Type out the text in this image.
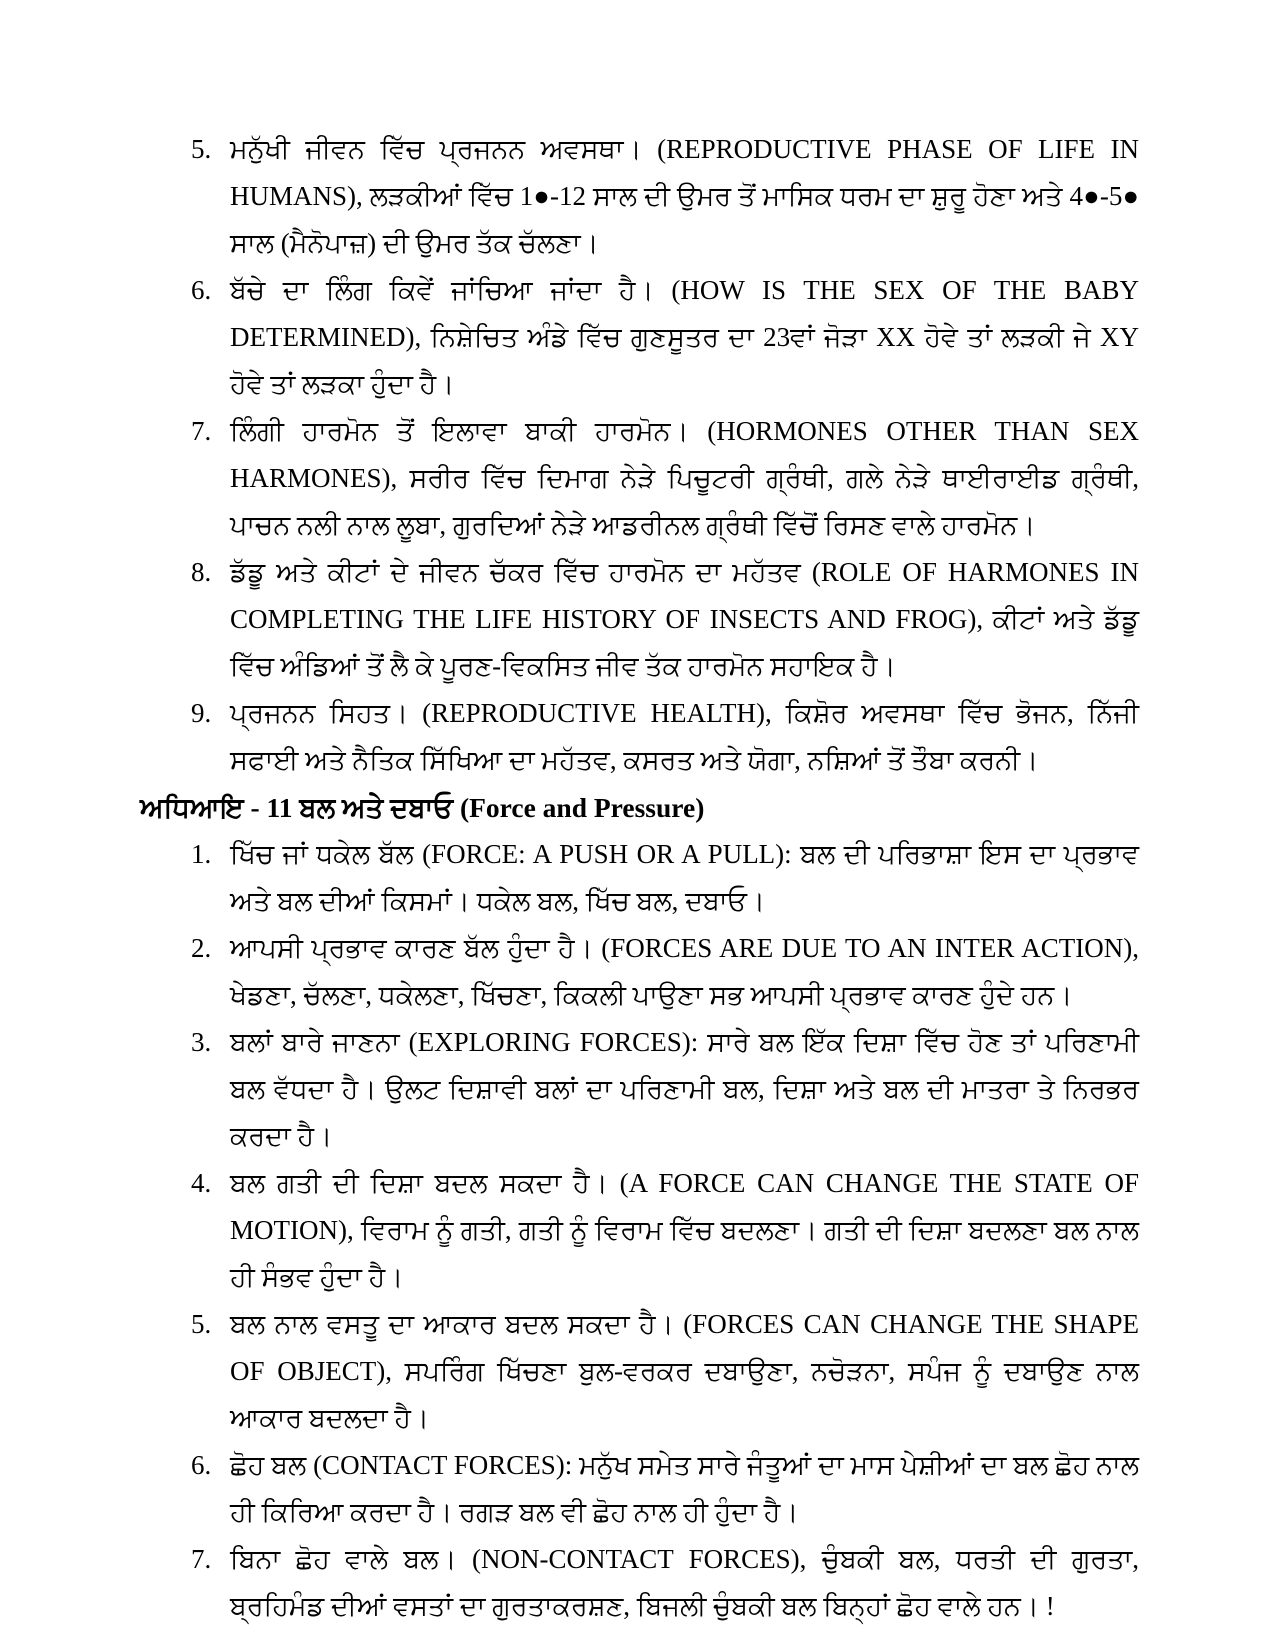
5. ਮਨੁੱਖੀ ਜੀਵਨ ਵਿੱਚ ਪ੍ਰਜਨਨ ਅਵਸਥਾ। (REPRODUCTIVE PHASE OF LIFE IN HUMANS), ਲੜਕੀਆਂ ਵਿੱਚ 1●-12 ਸਾਲ ਦੀ ਉਮਰ ਤੋਂ ਮਾਸਿਕ ਧਰਮ ਦਾ ਸ਼ੁਰੂ ਹੋਣਾ ਅਤੇ 4●-5● ਸਾਲ (ਮੈਨੋਪਾਜ਼) ਦੀ ਉਮਰ ਤੱਕ ਚੱਲਣਾ।
6. ਬੱਚੇ ਦਾ ਲਿੰਗ ਕਿਵੇਂ ਜਾਂਚਿਆ ਜਾਂਦਾ ਹੈ। (HOW IS THE SEX OF THE BABY DETERMINED), ਨਿਸ਼ੇਚਿਤ ਅੰਡੇ ਵਿੱਚ ਗੁਣਸੂਤਰ ਦਾ 23ਵਾਂ ਜੋੜਾ XX ਹੋਵੇ ਤਾਂ ਲੜਕੀ ਜੇ XY ਹੋਵੇ ਤਾਂ ਲੜਕਾ ਹੁੰਦਾ ਹੈ।
7. ਲਿੰਗੀ ਹਾਰਮੋਨ ਤੋਂ ਇਲਾਵਾ ਬਾਕੀ ਹਾਰਮੋਨ। (HORMONES OTHER THAN SEX HARMONES), ਸਰੀਰ ਵਿੱਚ ਦਿਮਾਗ ਨੇੜੇ ਪਿਚੂਟਰੀ ਗ੍ਰੰਥੀ, ਗਲੇ ਨੇੜੇ ਥਾਈਰਾਈਡ ਗ੍ਰੰਥੀ, ਪਾਚਨ ਨਲੀ ਨਾਲ ਲੂਬਾ, ਗੁਰਦਿਆਂ ਨੇੜੇ ਆਡਰੀਨਲ ਗ੍ਰੰਥੀ ਵਿੱਚੋਂ ਰਿਸਣ ਵਾਲੇ ਹਾਰਮੋਨ।
8. ਡੱਡੂ ਅਤੇ ਕੀਟਾਂ ਦੇ ਜੀਵਨ ਚੱਕਰ ਵਿੱਚ ਹਾਰਮੋਨ ਦਾ ਮਹੱਤਵ (ROLE OF HARMONES IN COMPLETING THE LIFE HISTORY OF INSECTS AND FROG), ਕੀਟਾਂ ਅਤੇ ਡੱਡੂ ਵਿੱਚ ਅੰਡਿਆਂ ਤੋਂ ਲੈ ਕੇ ਪੂਰਣ-ਵਿਕਸਿਤ ਜੀਵ ਤੱਕ ਹਾਰਮੋਨ ਸਹਾਇਕ ਹੈ।
9. ਪ੍ਰਜਨਨ ਸਿਹਤ। (REPRODUCTIVE HEALTH), ਕਿਸ਼ੋਰ ਅਵਸਥਾ ਵਿੱਚ ਭੋਜਨ, ਨਿੱਜੀ ਸਫਾਈ ਅਤੇ ਨੈਤਿਕ ਸਿੱਖਿਆ ਦਾ ਮਹੱਤਵ, ਕਸਰਤ ਅਤੇ ਯੋਗਾ, ਨਸ਼ਿਆਂ ਤੋਂ ਤੌਬਾ ਕਰਨੀ।
ਅਧਿਆਇ - 11 ਬਲ ਅਤੇ ਦਬਾਓ (Force and Pressure)
1. ਖਿੱਚ ਜਾਂ ਧਕੇਲ ਬੱਲ (FORCE: A PUSH OR A PULL): ਬਲ ਦੀ ਪਰਿਭਾਸ਼ਾ ਇਸ ਦਾ ਪ੍ਰਭਾਵ ਅਤੇ ਬਲ ਦੀਆਂ ਕਿਸਮਾਂ। ਧਕੇਲ ਬਲ, ਖਿੱਚ ਬਲ, ਦਬਾਓ।
2. ਆਪਸੀ ਪ੍ਰਭਾਵ ਕਾਰਣ ਬੱਲ ਹੁੰਦਾ ਹੈ। (FORCES ARE DUE TO AN INTER ACTION), ਖੇਡਣਾ, ਚੱਲਣਾ, ਧਕੇਲਣਾ, ਖਿੱਚਣਾ, ਕਿਕਲੀ ਪਾਉਣਾ ਸਭ ਆਪਸੀ ਪ੍ਰਭਾਵ ਕਾਰਣ ਹੁੰਦੇ ਹਨ।
3. ਬਲਾਂ ਬਾਰੇ ਜਾਣਨਾ (EXPLORING FORCES): ਸਾਰੇ ਬਲ ਇੱਕ ਦਿਸ਼ਾ ਵਿੱਚ ਹੋਣ ਤਾਂ ਪਰਿਣਾਮੀ ਬਲ ਵੱਧਦਾ ਹੈ। ਉਲਟ ਦਿਸ਼ਾਵੀ ਬਲਾਂ ਦਾ ਪਰਿਣਾਮੀ ਬਲ, ਦਿਸ਼ਾ ਅਤੇ ਬਲ ਦੀ ਮਾਤਰਾ ਤੇ ਨਿਰਭਰ ਕਰਦਾ ਹੈ।
4. ਬਲ ਗਤੀ ਦੀ ਦਿਸ਼ਾ ਬਦਲ ਸਕਦਾ ਹੈ। (A FORCE CAN CHANGE THE STATE OF MOTION), ਵਿਰਾਮ ਨੂੰ ਗਤੀ, ਗਤੀ ਨੂੰ ਵਿਰਾਮ ਵਿੱਚ ਬਦਲਣਾ। ਗਤੀ ਦੀ ਦਿਸ਼ਾ ਬਦਲਣਾ ਬਲ ਨਾਲ ਹੀ ਸੰਭਵ ਹੁੰਦਾ ਹੈ।
5. ਬਲ ਨਾਲ ਵਸਤੂ ਦਾ ਆਕਾਰ ਬਦਲ ਸਕਦਾ ਹੈ। (FORCES CAN CHANGE THE SHAPE OF OBJECT), ਸਪਰਿੰਗ ਖਿੱਚਣਾ ਬੁਲ-ਵਰਕਰ ਦਬਾਉਣਾ, ਨਚੋੜਨਾ, ਸਪੰਜ ਨੂੰ ਦਬਾਉਣ ਨਾਲ ਆਕਾਰ ਬਦਲਦਾ ਹੈ।
6. ਛੋਹ ਬਲ (CONTACT FORCES): ਮਨੁੱਖ ਸਮੇਤ ਸਾਰੇ ਜੰਤੂਆਂ ਦਾ ਮਾਸ ਪੇਸ਼ੀਆਂ ਦਾ ਬਲ ਛੋਹ ਨਾਲ ਹੀ ਕਿਰਿਆ ਕਰਦਾ ਹੈ। ਰਗੜ ਬਲ ਵੀ ਛੋਹ ਨਾਲ ਹੀ ਹੁੰਦਾ ਹੈ।
7. ਬਿਨਾ ਛੋਹ ਵਾਲੇ ਬਲ। (NON-CONTACT FORCES), ਚੁੰਬਕੀ ਬਲ, ਧਰਤੀ ਦੀ ਗੁਰਤਾ, ਬ੍ਰਹਿਮੰਡ ਦੀਆਂ ਵਸਤਾਂ ਦਾ ਗੁਰਤਾਕਰਸ਼ਣ, ਬਿਜਲੀ ਚੁੰਬਕੀ ਬਲ ਬਿਨ੍ਹਾਂ ਛੋਹ ਵਾਲੇ ਹਨ। !
